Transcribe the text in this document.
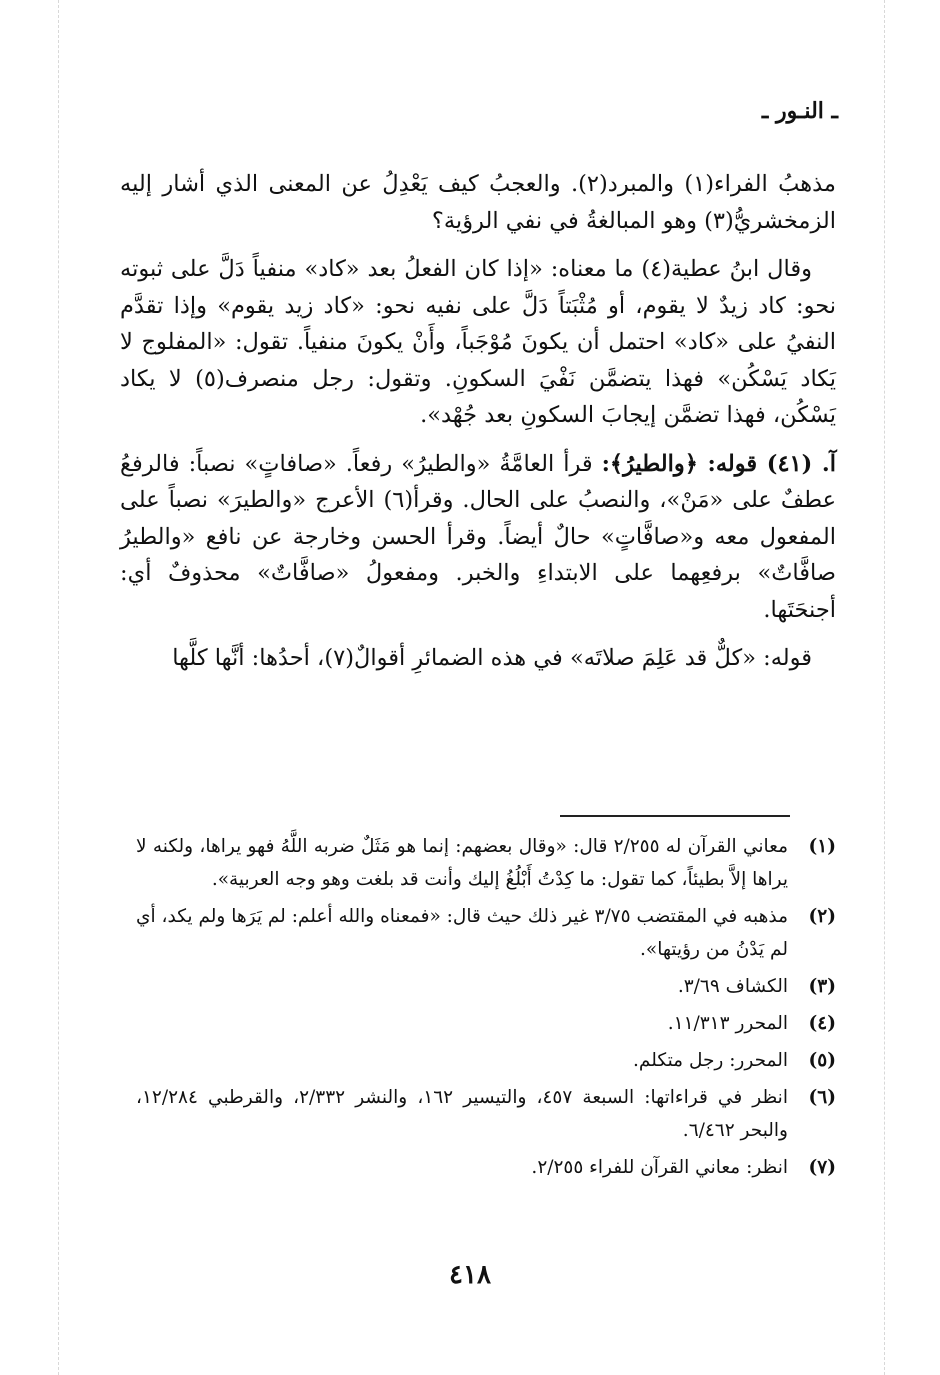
ـ النـور ـ

مذهبُ الفراء(١) والمبرد(٢). والعجبُ كيف يَعْدِلُ عن المعنى الذي أشار إليه الزمخشريُّ(٣) وهو المبالغةُ في نفي الرؤية؟

وقال ابنُ عطية(٤) ما معناه: «إذا كان الفعلُ بعد «كاد» منفياً دَلَّ على ثبوته نحو: كاد زيدٌ لا يقوم، أو مُثْبَتاً دَلَّ على نفيه نحو: «كاد زيد يقوم» وإذا تقدَّم النفيُ على «كاد» احتمل أن يكونَ مُوْجَباً، وأَنْ يكونَ منفياً. تقول: «المفلوج لا يَكاد يَسْكُن» فهذا يتضمَّن نَفْيَ السكونِ. وتقول: رجل منصرف(٥) لا يكاد يَسْكُن، فهذا تضمَّن إيجابَ السكونِ بعد جُهْد».

آ. (٤١) قوله: ﴿والطيرُ﴾: قرأ العامَّةُ «والطيرُ» رفعاً. «صافاتٍ» نصباً: فالرفعُ عطفٌ على «مَنْ»، والنصبُ على الحال. وقرأ(٦) الأعرج «والطيرَ» نصباً على المفعول معه و«صافَّاتٍ» حالٌ أيضاً. وقرأ الحسن وخارجة عن نافع «والطيرُ صافَّاتٌ» برفعِهما على الابتداءِ والخبر. ومفعولُ «صافَّاتٌ» محذوفٌ أي: أجنحَتَها.

قوله: «كلٌّ قد عَلِمَ صلاتَه» في هذه الضمائرِ أقوالٌ(٧)، أحدُها: أنَّها كلَّها

(١)
معاني القرآن له ٢/٢٥٥ قال: «وقال بعضهم: إنما هو مَثَلٌ ضربه اللَّهُ فهو يراها، ولكنه لا يراها إلاَّ بطيئاً، كما تقول: ما كِدْتُ أَبْلُغُ إليك وأنت قد بلغت وهو وجه العربية».
(٢)
مذهبه في المقتضب ٣/٧٥ غير ذلك حيث قال: «فمعناه والله أعلم: لم يَرَها ولم يكد، أي لم يَدْنُ من رؤيتها».
(٣)
الكشاف ٣/٦٩.
(٤)
المحرر ١١/٣١٣.
(٥)
المحرر: رجل متكلم.
(٦)
انظر في قراءاتها: السبعة ٤٥٧، والتيسير ١٦٢، والنشر ٢/٣٣٢، والقرطبي ١٢/٢٨٤، والبحر ٦/٤٦٢.
(٧)
انظر: معاني القرآن للفراء ٢/٢٥٥.
٤١٨
